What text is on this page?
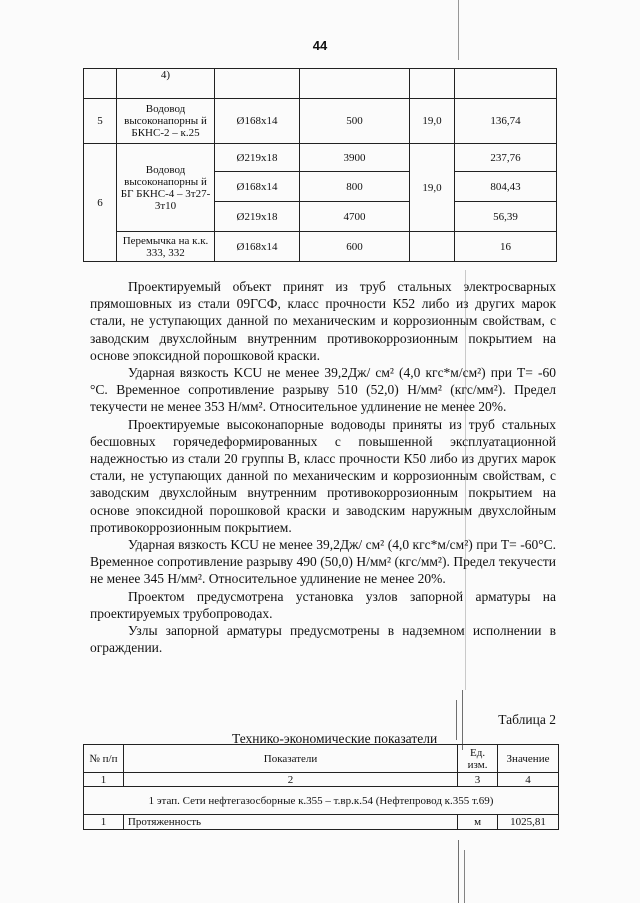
44
	4)				
5	Водовод высоконапорны й БКНС-2 – к.25	Ø168x14	500	19,0	136,74
6	Водовод высоконапорны й БГ БКНС-4 – 3т27-3т10	Ø219x18	3900	19,0	237,76
		Ø168x14	800		804,43
		Ø219x18	4700		56,39
	Перемычка на к.к. 333, 332	Ø168x14	600		16

Проектируемый объект принят из труб стальных электросварных прямошовных из стали 09ГСФ, класс прочности К52 либо из других марок стали, не уступающих данной по механическим и коррозионным свойствам, с заводским двухслойным внутренним противокоррозионным покрытием на основе эпоксидной порошковой краски.

Ударная вязкость KCU не менее 39,2Дж/ см² (4,0 кгс*м/см²) при Т= -60 °С. Временное сопротивление разрыву 510 (52,0) Н/мм² (кгс/мм²). Предел текучести не менее 353 Н/мм². Относительное удлинение не менее 20%.

Проектируемые высоконапорные водоводы приняты из труб стальных бесшовных горячедеформированных с повышенной эксплуатационной надежностью из стали 20 группы В, класс прочности К50 либо из других марок стали, не уступающих данной по механическим и коррозионным свойствам, с заводским двухслойным внутренним противокоррозионным покрытием на основе эпоксидной порошковой краски и заводским наружным двухслойным противокоррозионным покрытием.

Ударная вязкость KCU не менее 39,2Дж/ см² (4,0 кгс*м/см²) при Т= -60°С. Временное сопротивление разрыву 490 (50,0) Н/мм² (кгс/мм²). Предел текучести не менее 345 Н/мм². Относительное удлинение не менее 20%.

Проектом предусмотрена установка узлов запорной арматуры на проектируемых трубопроводах.

Узлы запорной арматуры предусмотрены в надземном исполнении в ограждении.

Таблица 2
Технико-экономические показатели
№ п/п	Показатели	Ед. изм.	Значение
1	2	3	4
1 этап. Сети нефтегазосборные к.355 – т.вр.к.54 (Нефтепровод к.355 т.69)			
1	Протяженность	м	1025,81
